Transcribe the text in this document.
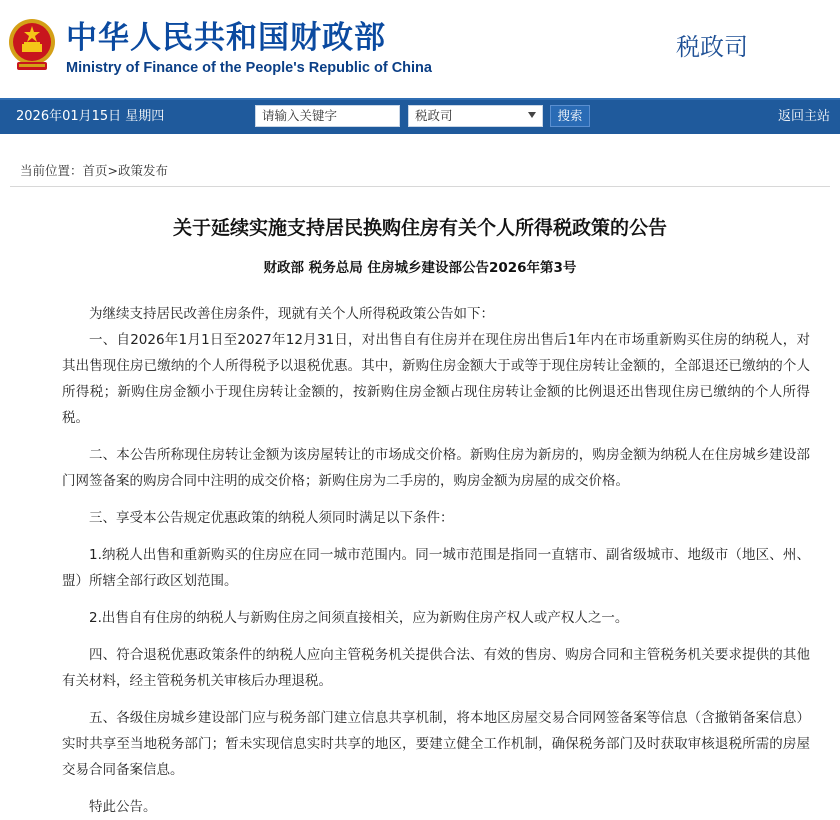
中华人民共和国财政部
Ministry of Finance of the People's Republic of China
税政司
2026年01月15日 星期四	请输入关键字	税政司	搜索	返回主站
当前位置：首页>政策发布
关于延续实施支持居民换购住房有关个人所得税政策的公告
财政部 税务总局 住房城乡建设部公告2026年第3号

为继续支持居民改善住房条件，现就有关个人所得税政策公告如下：

一、自2026年1月1日至2027年12月31日，对出售自有住房并在现住房出售后1年内在市场重新购买住房的纳税人，对其出售现住房已缴纳的个人所得税予以退税优惠。其中，新购住房金额大于或等于现住房转让金额的，全部退还已缴纳的个人所得税；新购住房金额小于现住房转让金额的，按新购住房金额占现住房转让金额的比例退还出售现住房已缴纳的个人所得税。

二、本公告所称现住房转让金额为该房屋转让的市场成交价格。新购住房为新房的，购房金额为纳税人在住房城乡建设部门网签备案的购房合同中注明的成交价格；新购住房为二手房的，购房金额为房屋的成交价格。

三、享受本公告规定优惠政策的纳税人须同时满足以下条件：

1.纳税人出售和重新购买的住房应在同一城市范围内。同一城市范围是指同一直辖市、副省级城市、地级市（地区、州、盟）所辖全部行政区划范围。

2.出售自有住房的纳税人与新购住房之间须直接相关，应为新购住房产权人或产权人之一。

四、符合退税优惠政策条件的纳税人应向主管税务机关提供合法、有效的售房、购房合同和主管税务机关要求提供的其他有关材料，经主管税务机关审核后办理退税。

五、各级住房城乡建设部门应与税务部门建立信息共享机制，将本地区房屋交易合同网签备案等信息（含撤销备案信息）实时共享至当地税务部门；暂未实现信息实时共享的地区，要建立健全工作机制，确保税务部门及时获取审核退税所需的房屋交易合同备案信息。

特此公告。
